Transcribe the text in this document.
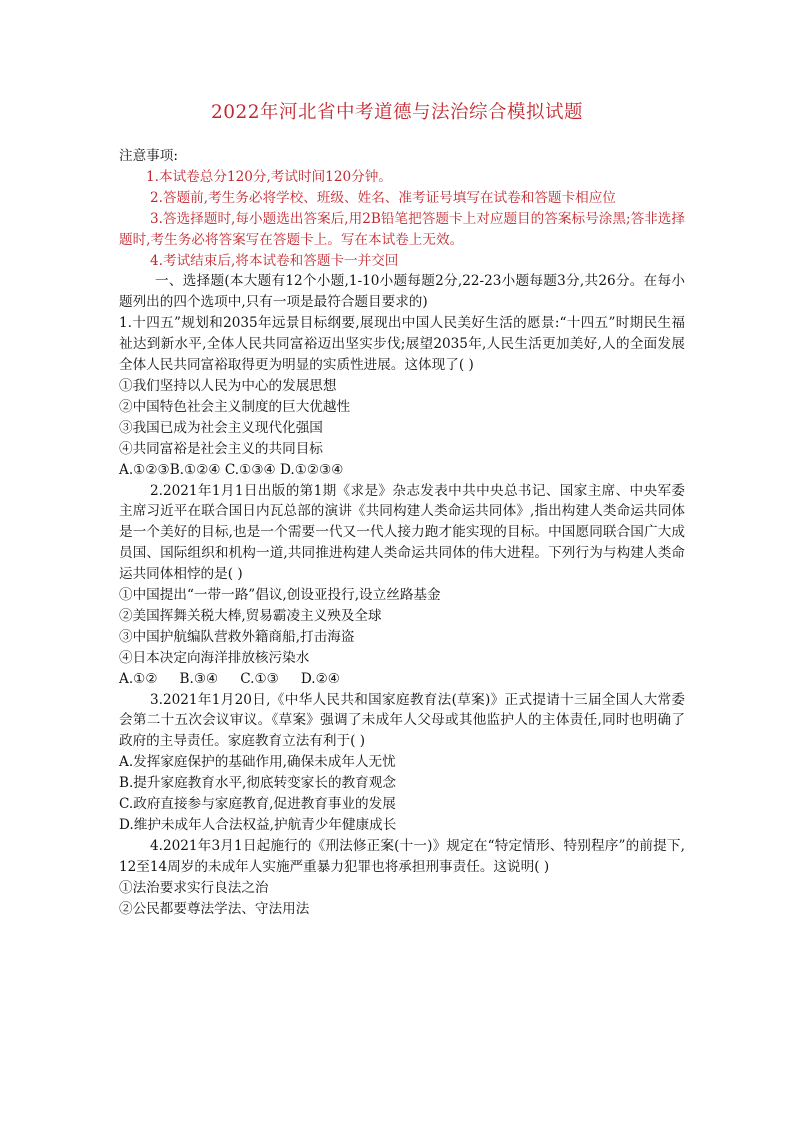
2022年河北省中考道德与法治综合模拟试题

注意事项:

1.本试卷总分120分,考试时间120分钟。

2.答题前,考生务必将学校、班级、姓名、准考证号填写在试卷和答题卡相应位

3.答选择题时,每小题选出答案后,用2B铅笔把答题卡上对应题目的答案标号涂黑;答非选择题时,考生务必将答案写在答题卡上。写在本试卷上无效。

4.考试结束后,将本试卷和答题卡一并交回

一、选择题(本大题有12个小题,1-10小题每题2分,22-23小题每题3分,共26分。在每小题列出的四个选项中,只有一项是最符合题目要求的)

1.十四五”规划和2035年远景目标纲要,展现出中国人民美好生活的愿景:“十四五”时期民生福祉达到新水平,全体人民共同富裕迈出坚实步伐;展望2035年,人民生活更加美好,人的全面发展全体人民共同富裕取得更为明显的实质性进展。这体现了( )

①我们坚持以人民为中心的发展思想

②中国特色社会主义制度的巨大优越性

③我国已成为社会主义现代化强国

④共同富裕是社会主义的共同目标

A.①②③B.①②④ C.①③④ D.①②③④

2.2021年1月1日出版的第1期《求是》杂志发表中共中央总书记、国家主席、中央军委主席习近平在联合国日内瓦总部的演讲《共同构建人类命运共同体》,指出构建人类命运共同体是一个美好的目标,也是一个需要一代又一代人接力跑才能实现的目标。中国愿同联合国广大成员国、国际组织和机构一道,共同推进构建人类命运共同体的伟大进程。下列行为与构建人类命运共同体相悖的是( )

①中国提出“一带一路”倡议,创设亚投行,设立丝路基金

②美国挥舞关税大棒,贸易霸凌主义殃及全球

③中国护航编队营救外籍商船,打击海盗

④日本决定向海洋排放核污染水

A.①② B.③④ C.①③ D.②④

3.2021年1月20日,《中华人民共和国家庭教育法(草案)》正式提请十三届全国人大常委会第二十五次会议审议。《草案》强调了未成年人父母或其他监护人的主体责任,同时也明确了政府的主导责任。家庭教育立法有利于( )

A.发挥家庭保护的基础作用,确保未成年人无忧

B.提升家庭教育水平,彻底转变家长的教育观念

C.政府直接参与家庭教育,促进教育事业的发展

D.维护未成年人合法权益,护航青少年健康成长

4.2021年3月1日起施行的《刑法修正案(十一)》规定在“特定情形、特别程序”的前提下,12至14周岁的未成年人实施严重暴力犯罪也将承担刑事责任。这说明( )

①法治要求实行良法之治

②公民都要尊法学法、守法用法
